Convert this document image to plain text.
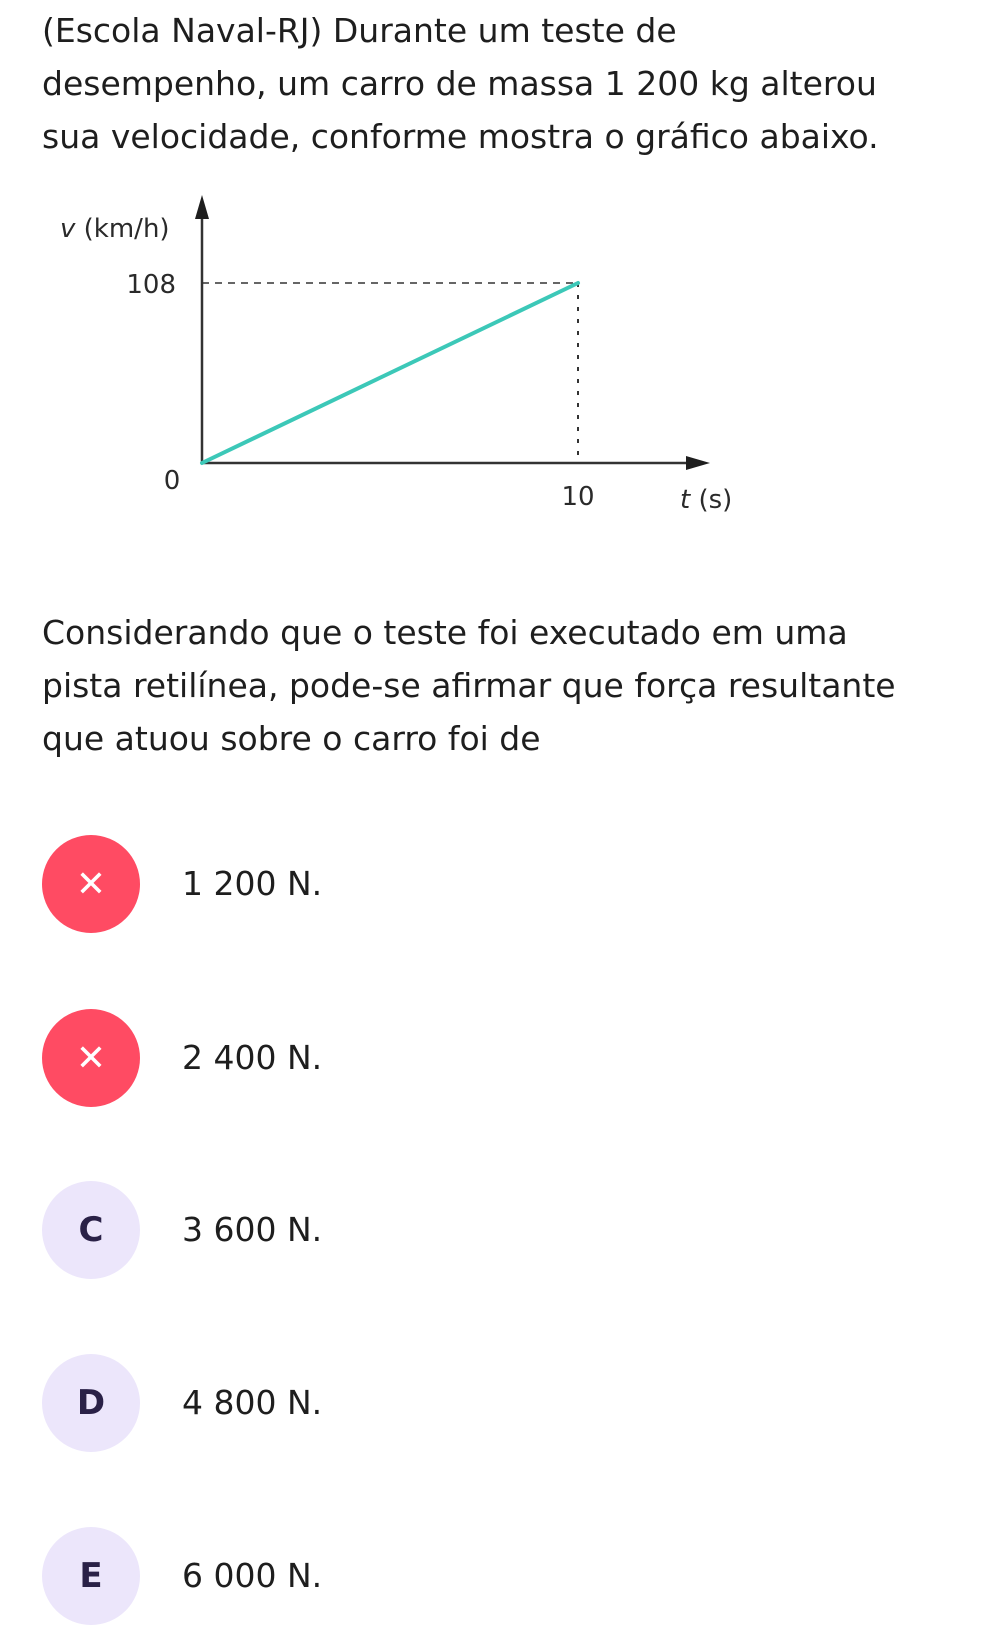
(Escola Naval-RJ) Durante um teste de

desempenho, um carro de massa 1 200 kg alterou

sua velocidade, conforme mostra o gráfico abaixo.

108
0
10
v (km/h)
t (s)

Considerando que o teste foi executado em uma

pista retilínea, pode-se afirmar que força resultante

que atuou sobre o carro foi de

✕	1 200 N.
✕	2 400 N.
C	3 600 N.
D	4 800 N.
E	6 000 N.
